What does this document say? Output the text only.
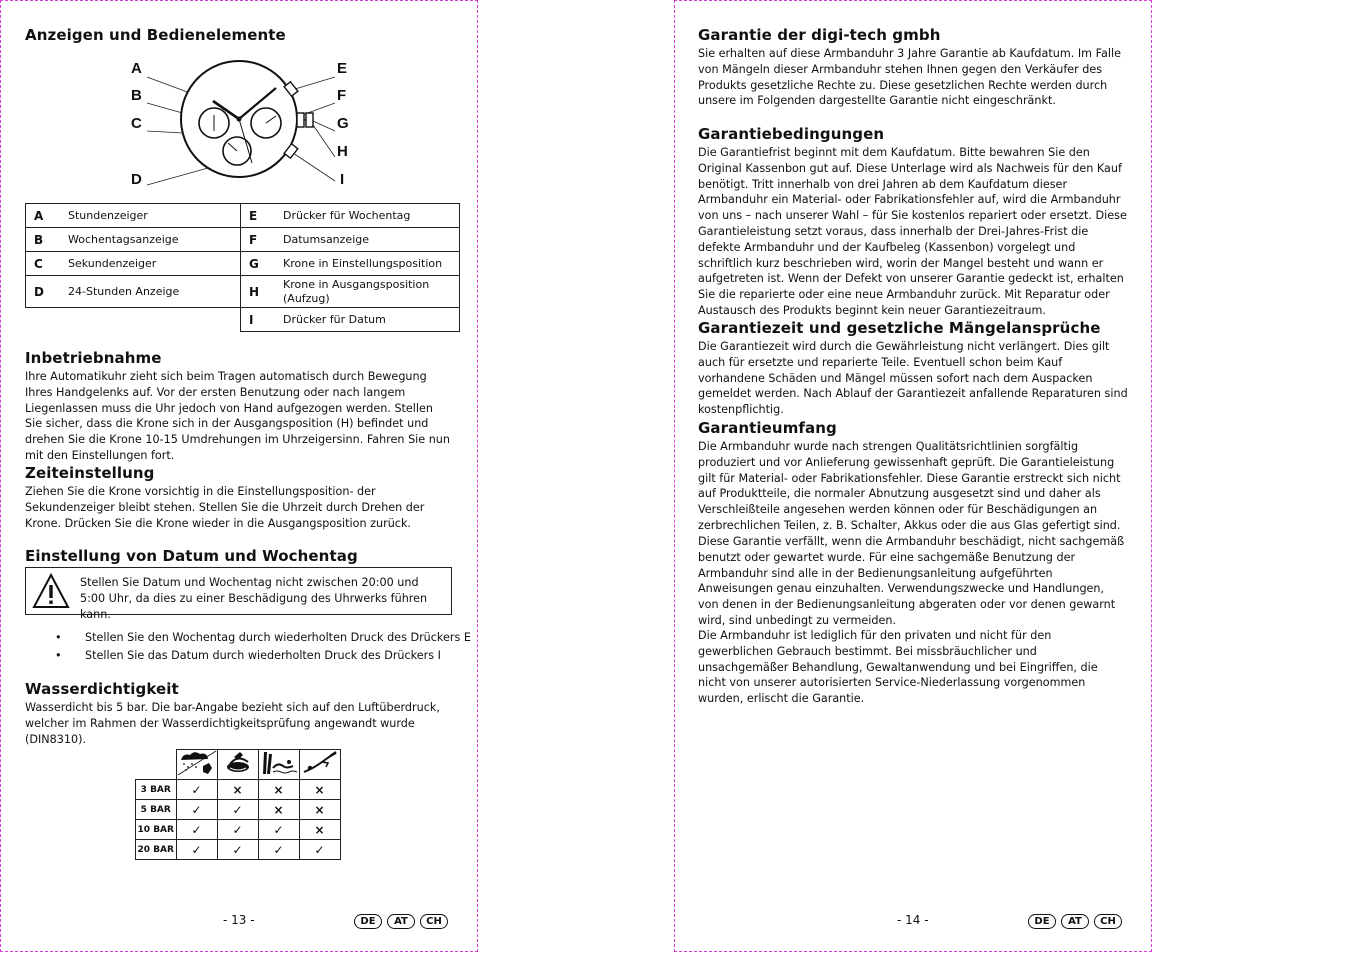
Anzeigen und Bedienelemente
A
B
C
D
E
F
G
H
I
A	Stundenzeiger	E	Drücker für Wochentag
B	Wochentagsanzeige	F	Datumsanzeige
C	Sekundenzeiger	G	Krone in Einstellungsposition
D	24-Stunden Anzeige	H	Krone in Ausgangsposition (Aufzug)
		I	Drücker für Datum
Inbetriebnahme

Ihre Automatikuhr zieht sich beim Tragen automatisch durch Bewegung Ihres Handgelenks auf. Vor der ersten Benutzung oder nach langem Liegenlassen muss die Uhr jedoch von Hand aufgezogen werden. Stellen Sie sicher, dass die Krone sich in der Ausgangsposition (H) befindet und drehen Sie die Krone 10-15 Umdrehungen im Uhrzeigersinn. Fahren Sie nun mit den Einstellungen fort.

Zeiteinstellung

Ziehen Sie die Krone vorsichtig in die Einstellungsposition- der Sekundenzeiger bleibt stehen. Stellen Sie die Uhrzeit durch Drehen der Krone. Drücken Sie die Krone wieder in die Ausgangsposition zurück.

Einstellung von Datum und Wochentag
Stellen Sie Datum und Wochentag nicht zwischen 20:00 und 5:00 Uhr, da dies zu einer Beschädigung des Uhrwerks führen kann.
• Stellen Sie den Wochentag durch wiederholten Druck des Drückers E
• Stellen Sie das Datum durch wiederholten Druck des Drückers I
Wasserdichtigkeit

Wasserdicht bis 5 bar. Die bar-Angabe bezieht sich auf den Luftüberdruck, welcher im Rahmen der Wasserdichtigkeitsprüfung angewandt wurde (DIN8310).

3 BAR	✓	×	×	×
5 BAR	✓	✓	×	×
10 BAR	✓	✓	✓	×
20 BAR	✓	✓	✓	✓
- 13 -	DE	AT	CH
Garantie der digi-tech gmbh

Sie erhalten auf diese Armbanduhr 3 Jahre Garantie ab Kaufdatum. Im Falle von Mängeln dieser Armbanduhr stehen Ihnen gegen den Verkäufer des Produkts gesetzliche Rechte zu. Diese gesetzlichen Rechte werden durch unsere im Folgenden dargestellte Garantie nicht eingeschränkt.

Garantiebedingungen

Die Garantiefrist beginnt mit dem Kaufdatum. Bitte bewahren Sie den Original Kassenbon gut auf. Diese Unterlage wird als Nachweis für den Kauf benötigt. Tritt innerhalb von drei Jahren ab dem Kaufdatum dieser Armbanduhr ein Material- oder Fabrikationsfehler auf, wird die Armbanduhr von uns – nach unserer Wahl – für Sie kostenlos repariert oder ersetzt. Diese Garantieleistung setzt voraus, dass innerhalb der Drei-Jahres-Frist die defekte Armbanduhr und der Kaufbeleg (Kassenbon) vorgelegt und schriftlich kurz beschrieben wird, worin der Mangel besteht und wann er aufgetreten ist. Wenn der Defekt von unserer Garantie gedeckt ist, erhalten Sie die reparierte oder eine neue Armbanduhr zurück. Mit Reparatur oder Austausch des Produkts beginnt kein neuer Garantiezeitraum.

Garantiezeit und gesetzliche Mängelansprüche

Die Garantiezeit wird durch die Gewährleistung nicht verlängert. Dies gilt auch für ersetzte und reparierte Teile. Eventuell schon beim Kauf vorhandene Schäden und Mängel müssen sofort nach dem Auspacken gemeldet werden. Nach Ablauf der Garantiezeit anfallende Reparaturen sind kostenpflichtig.

Garantieumfang

Die Armbanduhr wurde nach strengen Qualitätsrichtlinien sorgfältig produziert und vor Anlieferung gewissenhaft geprüft. Die Garantieleistung gilt für Material- oder Fabrikationsfehler. Diese Garantie erstreckt sich nicht auf Produktteile, die normaler Abnutzung ausgesetzt sind und daher als Verschleißteile angesehen werden können oder für Beschädigungen an zerbrechlichen Teilen, z. B. Schalter, Akkus oder die aus Glas gefertigt sind.

Diese Garantie verfällt, wenn die Armbanduhr beschädigt, nicht sachgemäß benutzt oder gewartet wurde. Für eine sachgemäße Benutzung der Armbanduhr sind alle in der Bedienungsanleitung aufgeführten Anweisungen genau einzuhalten. Verwendungszwecke und Handlungen, von denen in der Bedienungsanleitung abgeraten oder vor denen gewarnt wird, sind unbedingt zu vermeiden.

Die Armbanduhr ist lediglich für den privaten und nicht für den gewerblichen Gebrauch bestimmt. Bei missbräuchlicher und unsachgemäßer Behandlung, Gewaltanwendung und bei Eingriffen, die nicht von unserer autorisierten Service-Niederlassung vorgenommen wurden, erlischt die Garantie.

- 14 -	DE	AT	CH
